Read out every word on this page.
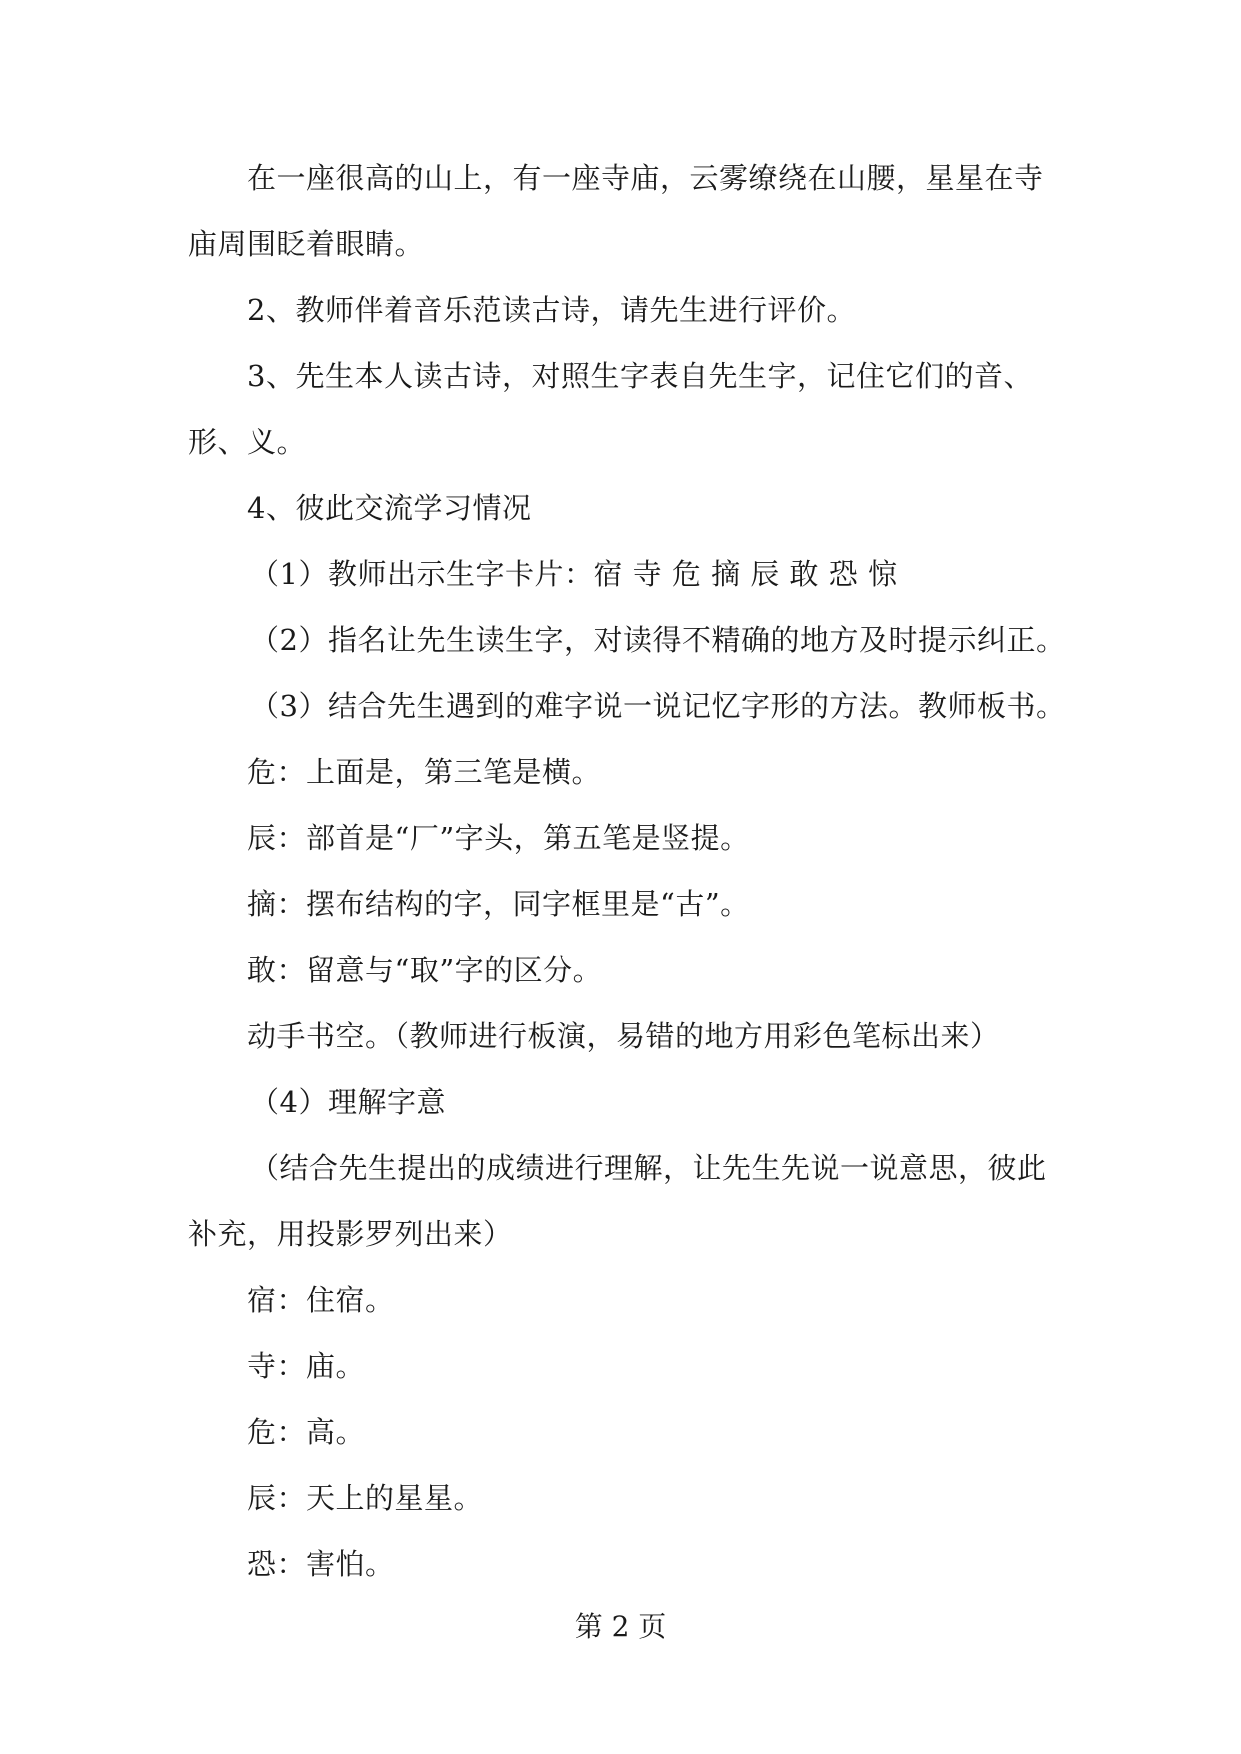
在一座很高的山上，有一座寺庙，云雾缭绕在山腰，星星在寺
庙周围眨着眼睛。
2、教师伴着音乐范读古诗，请先生进行评价。
3、先生本人读古诗，对照生字表自先生字，记住它们的音、
形、义。
4、彼此交流学习情况
（1）教师出示生字卡片：宿 寺 危 摘 辰 敢 恐 惊
（2）指名让先生读生字，对读得不精确的地方及时提示纠正。
（3）结合先生遇到的难字说一说记忆字形的方法。教师板书。
危：上面是，第三笔是横。
辰：部首是“厂”字头，第五笔是竖提。
摘：摆布结构的字，同字框里是“古”。
敢：留意与“取”字的区分。
动手书空。（教师进行板演，易错的地方用彩色笔标出来）
（4）理解字意
（结合先生提出的成绩进行理解，让先生先说一说意思，彼此
补充，用投影罗列出来）
宿：住宿。
寺：庙。
危：高。
辰：天上的星星。
恐：害怕。
第 2 页
